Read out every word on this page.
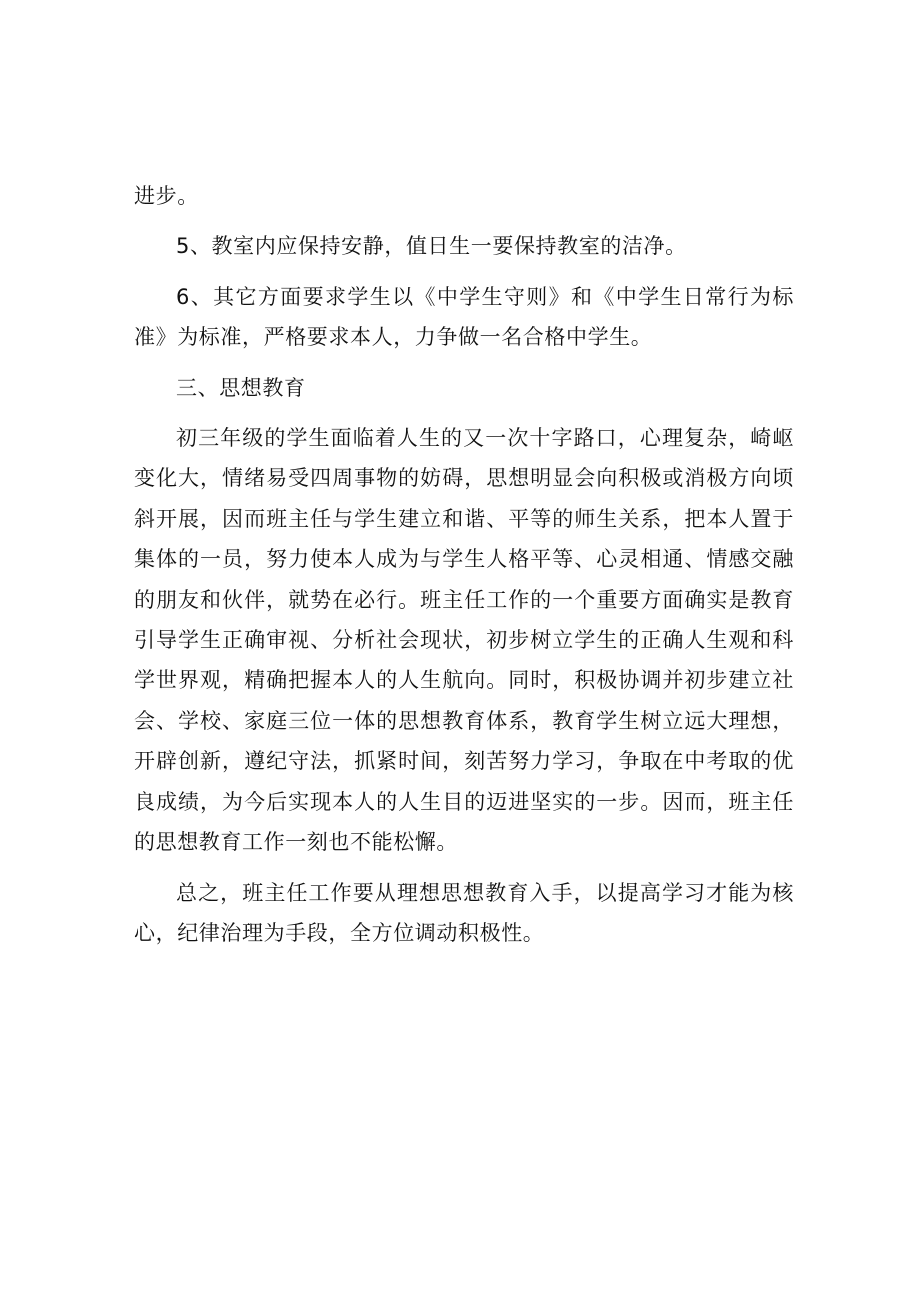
进步。

5、教室内应保持安静，值日生一要保持教室的洁净。

6、其它方面要求学生以《中学生守则》和《中学生日常行为标准》为标准，严格要求本人，力争做一名合格中学生。

三、思想教育

初三年级的学生面临着人生的又一次十字路口，心理复杂，崎岖变化大，情绪易受四周事物的妨碍，思想明显会向积极或消极方向顷斜开展，因而班主任与学生建立和谐、平等的师生关系，把本人置于集体的一员，努力使本人成为与学生人格平等、心灵相通、情感交融的朋友和伙伴，就势在必行。班主任工作的一个重要方面确实是教育引导学生正确审视、分析社会现状，初步树立学生的正确人生观和科学世界观，精确把握本人的人生航向。同时，积极协调并初步建立社会、学校、家庭三位一体的思想教育体系，教育学生树立远大理想，开辟创新，遵纪守法，抓紧时间，刻苦努力学习，争取在中考取的优良成绩，为今后实现本人的人生目的迈进坚实的一步。因而，班主任的思想教育工作一刻也不能松懈。

总之，班主任工作要从理想思想教育入手，以提高学习才能为核心，纪律治理为手段，全方位调动积极性。
